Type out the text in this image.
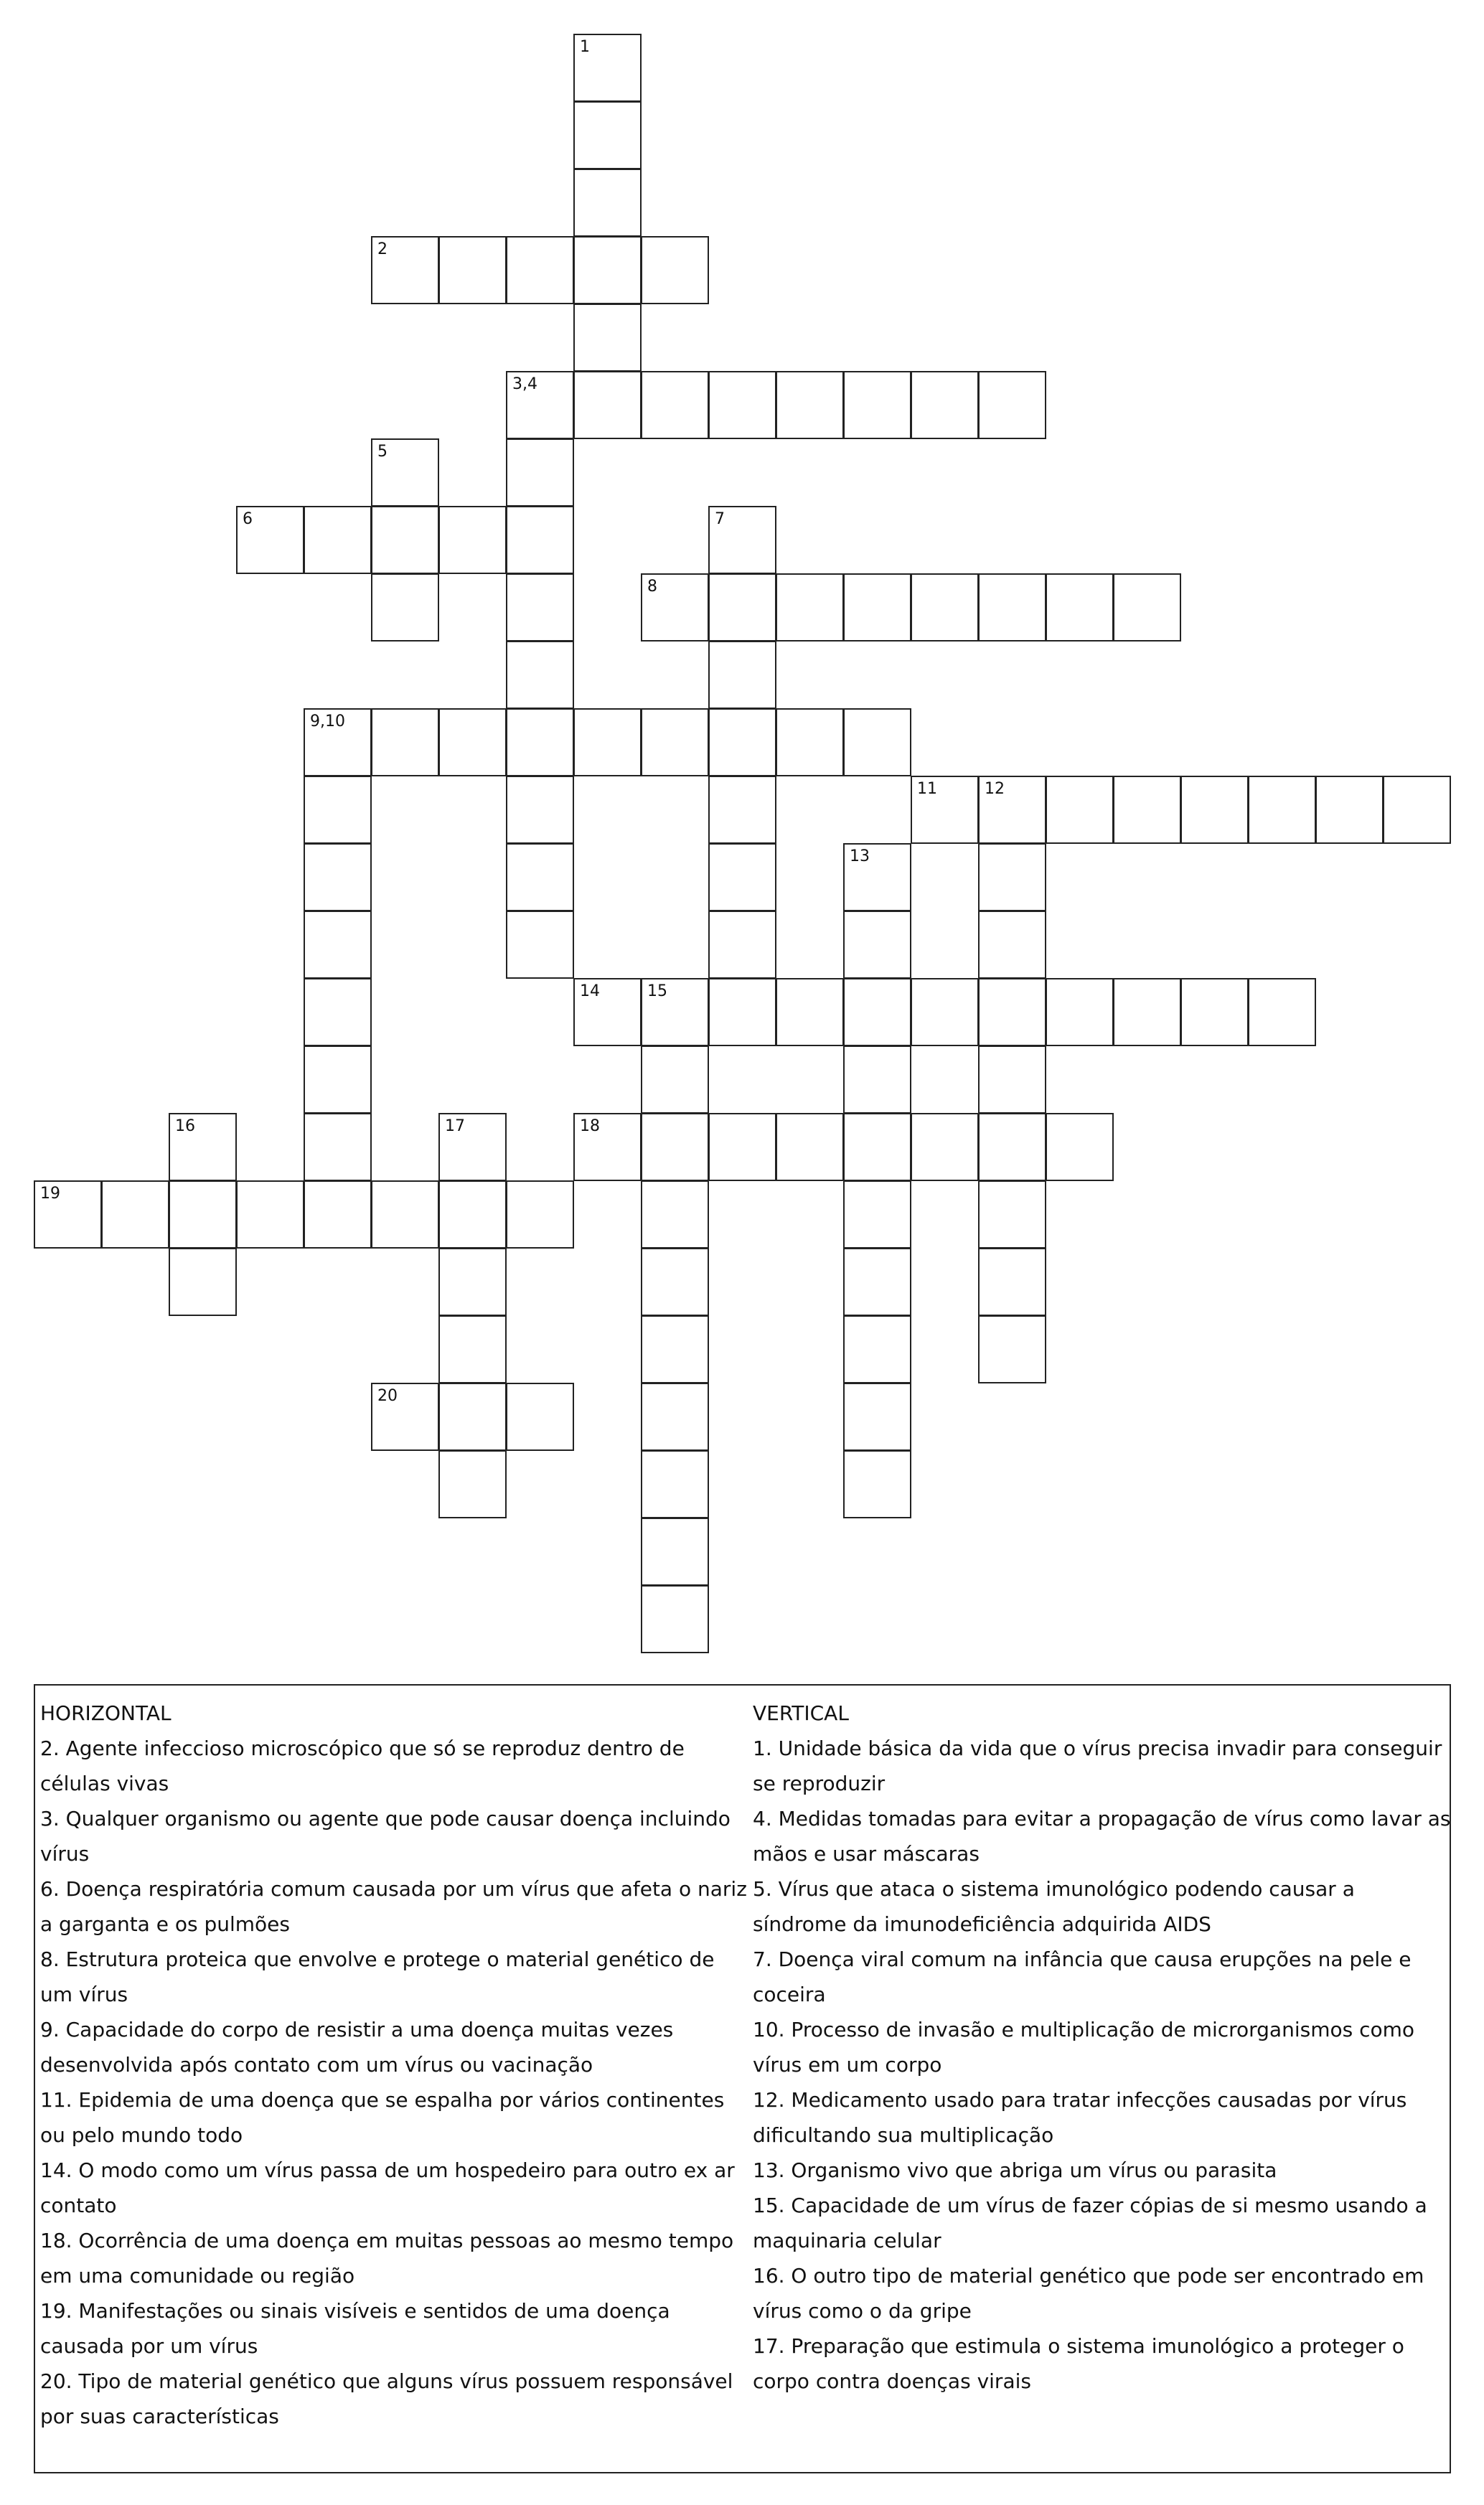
1
2
3,4
5
6	7
8
9,10
11	12
13
14	15
18
16	17
19
20
HORIZONTAL
2. Agente infeccioso microscópico que só se reproduz dentro de células vivas
3. Qualquer organismo ou agente que pode causar doença incluindo vírus
6. Doença respiratória comum causada por um vírus que afeta o nariz a garganta e os pulmões
8. Estrutura proteica que envolve e protege o material genético de um vírus
9. Capacidade do corpo de resistir a uma doença muitas vezes desenvolvida após contato com um vírus ou vacinação
11. Epidemia de uma doença que se espalha por vários continentes ou pelo mundo todo
14. O modo como um vírus passa de um hospedeiro para outro ex ar contato
18. Ocorrência de uma doença em muitas pessoas ao mesmo tempo em uma comunidade ou região
19. Manifestações ou sinais visíveis e sentidos de uma doença causada por um vírus
20. Tipo de material genético que alguns vírus possuem responsável por suas características
VERTICAL
1. Unidade básica da vida que o vírus precisa invadir para conseguir se reproduzir
4. Medidas tomadas para evitar a propagação de vírus como lavar as mãos e usar máscaras
5. Vírus que ataca o sistema imunológico podendo causar a síndrome da imunodeficiência adquirida AIDS
7. Doença viral comum na infância que causa erupções na pele e coceira
10. Processo de invasão e multiplicação de microrganismos como vírus em um corpo
12. Medicamento usado para tratar infecções causadas por vírus dificultando sua multiplicação
13. Organismo vivo que abriga um vírus ou parasita
15. Capacidade de um vírus de fazer cópias de si mesmo usando a maquinaria celular
16. O outro tipo de material genético que pode ser encontrado em vírus como o da gripe
17. Preparação que estimula o sistema imunológico a proteger o corpo contra doenças virais
